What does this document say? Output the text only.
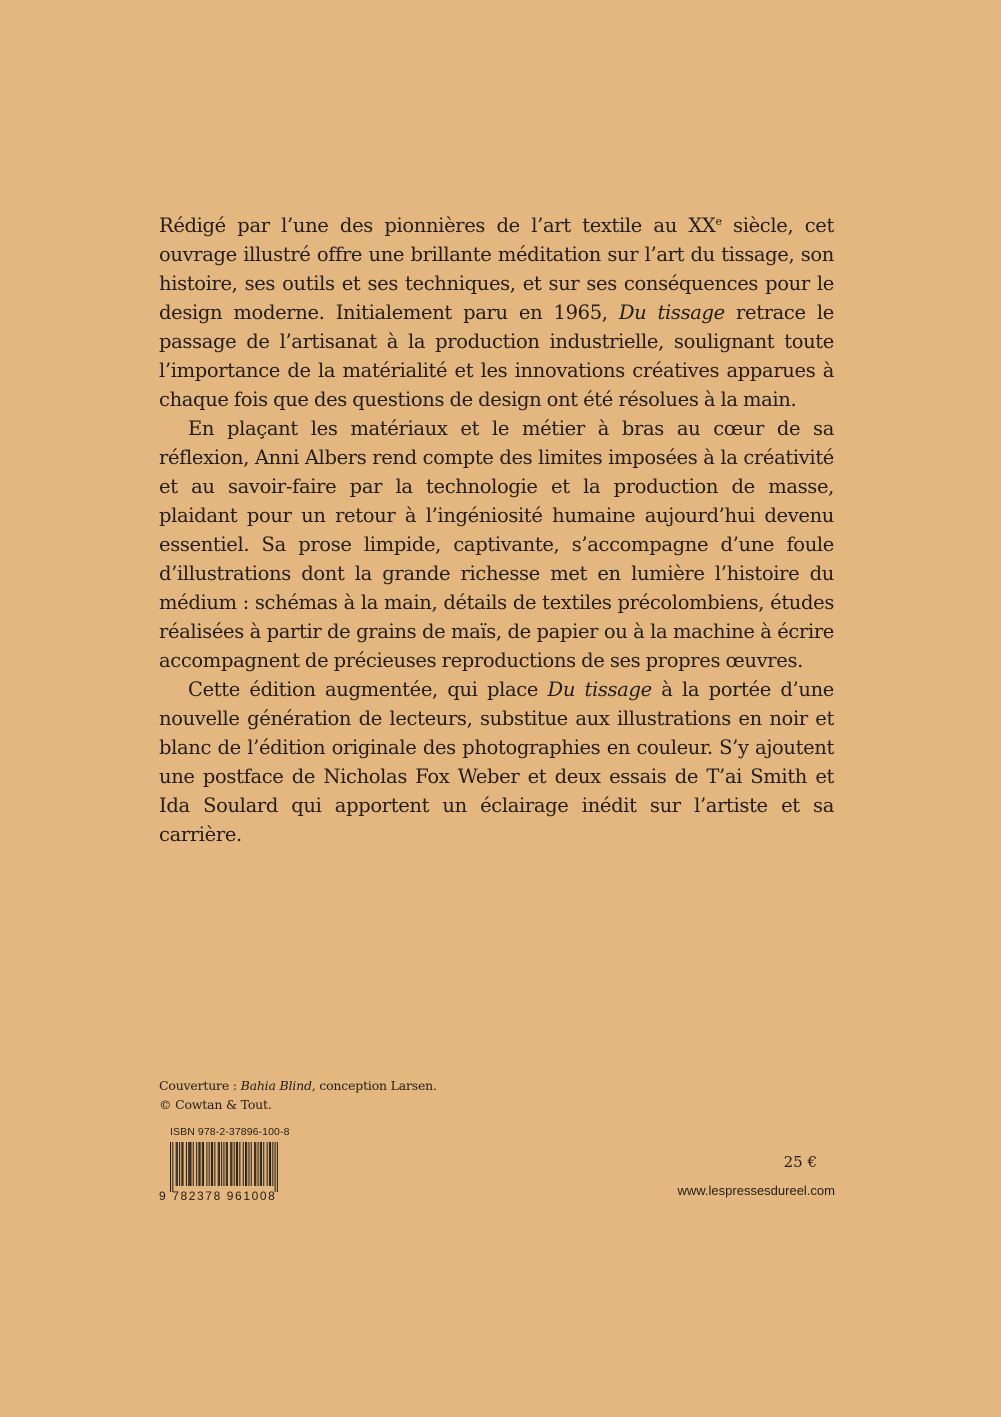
Rédigé par l’une des pionnières de l’art textile au XXe siècle, cet ouvrage illustré offre une brillante méditation sur l’art du tissage, son histoire, ses outils et ses techniques, et sur ses conséquences pour le design moderne. Initialement paru en 1965, Du tissage retrace le passage de l’artisanat à la production industrielle, soulignant toute l’importance de la matérialité et les innovations créatives apparues à chaque fois que des questions de design ont été résolues à la main.

En plaçant les matériaux et le métier à bras au cœur de sa réflexion, Anni Albers rend compte des limites imposées à la créativité et au savoir-faire par la technologie et la production de masse, plaidant pour un retour à l’ingéniosité humaine aujourd’hui devenu essentiel. Sa prose limpide, captivante, s’accompagne d’une foule d’illustrations dont la grande richesse met en lumière l’histoire du médium : schémas à la main, détails de textiles précolombiens, études réalisées à partir de grains de maïs, de papier ou à la machine à écrire accompagnent de précieuses reproductions de ses propres œuvres.

Cette édition augmentée, qui place Du tissage à la portée d’une nouvelle génération de lecteurs, substitue aux illustrations en noir et blanc de l’édition originale des photographies en couleur. S’y ajoutent une postface de Nicholas Fox Weber et deux essais de T’ai Smith et Ida Soulard qui apportent un éclairage inédit sur l’artiste et sa carrière.

Couverture : Bahia Blind, conception Larsen.
© Cowtan & Tout.
ISBN 978-2-37896-100-8
9 782378 961008
25 €
www.lespressesdureel.com
